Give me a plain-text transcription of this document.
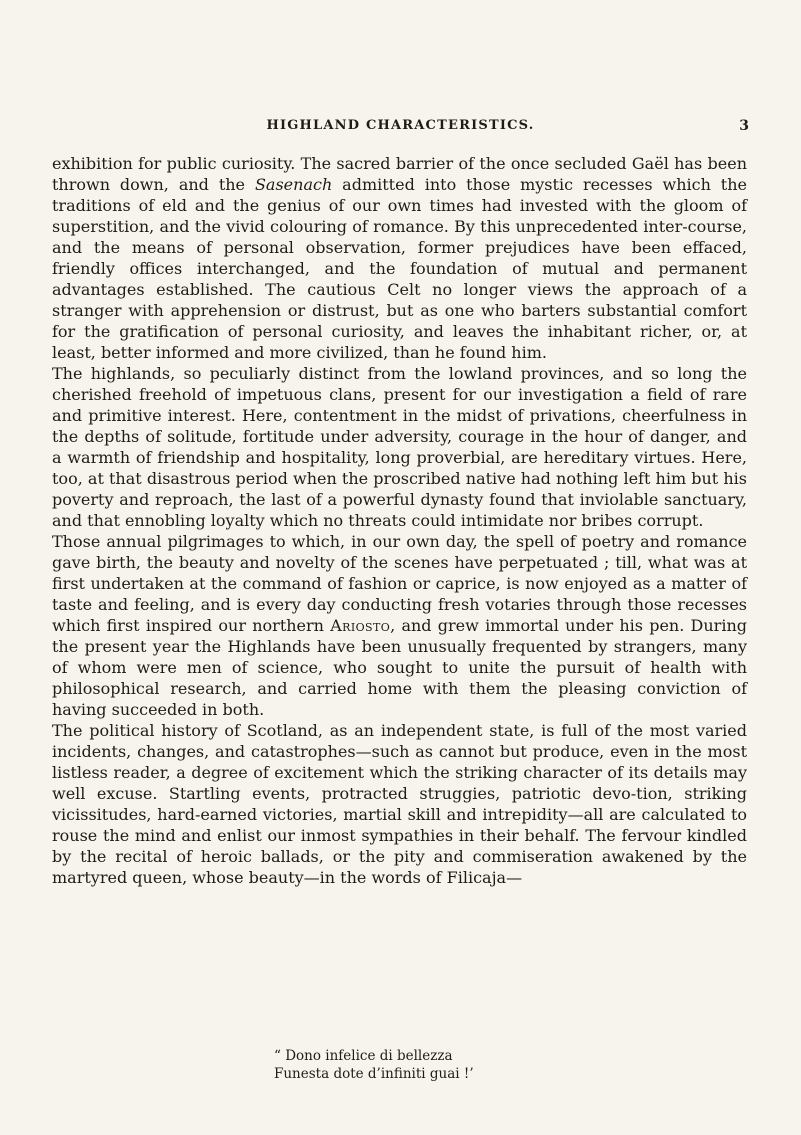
HIGHLAND CHARACTERISTICS.	3

exhibition for public curiosity. The sacred barrier of the once secluded Gaël has been thrown down, and the Sasenach admitted into those mystic recesses which the traditions of eld and the genius of our own times had invested with the gloom of superstition, and the vivid colouring of romance. By this unprecedented inter-course, and the means of personal observation, former prejudices have been effaced, friendly offices interchanged, and the foundation of mutual and permanent advantages established. The cautious Celt no longer views the approach of a stranger with apprehension or distrust, but as one who barters substantial comfort for the gratification of personal curiosity, and leaves the inhabitant richer, or, at least, better informed and more civilized, than he found him.

The highlands, so peculiarly distinct from the lowland provinces, and so long the cherished freehold of impetuous clans, present for our investigation a field of rare and primitive interest. Here, contentment in the midst of privations, cheerfulness in the depths of solitude, fortitude under adversity, courage in the hour of danger, and a warmth of friendship and hospitality, long proverbial, are hereditary virtues. Here, too, at that disastrous period when the proscribed native had nothing left him but his poverty and reproach, the last of a powerful dynasty found that inviolable sanctuary, and that ennobling loyalty which no threats could intimidate nor bribes corrupt.

Those annual pilgrimages to which, in our own day, the spell of poetry and romance gave birth, the beauty and novelty of the scenes have perpetuated ; till, what was at first undertaken at the command of fashion or caprice, is now enjoyed as a matter of taste and feeling, and is every day conducting fresh votaries through those recesses which first inspired our northern Ariosto, and grew immortal under his pen. During the present year the Highlands have been unusually frequented by strangers, many of whom were men of science, who sought to unite the pursuit of health with philosophical research, and carried home with them the pleasing conviction of having succeeded in both.

The political history of Scotland, as an independent state, is full of the most varied incidents, changes, and catastrophes—such as cannot but produce, even in the most listless reader, a degree of excitement which the striking character of its details may well excuse. Startling events, protracted struggies, patriotic devo-tion, striking vicissitudes, hard-earned victories, martial skill and intrepidity—all are calculated to rouse the mind and enlist our inmost sympathies in their behalf. The fervour kindled by the recital of heroic ballads, or the pity and commiseration awakened by the martyred queen, whose beauty—in the words of Filicaja—

“ Dono infelice di bellezza
Funesta dote d’infiniti guai !’
